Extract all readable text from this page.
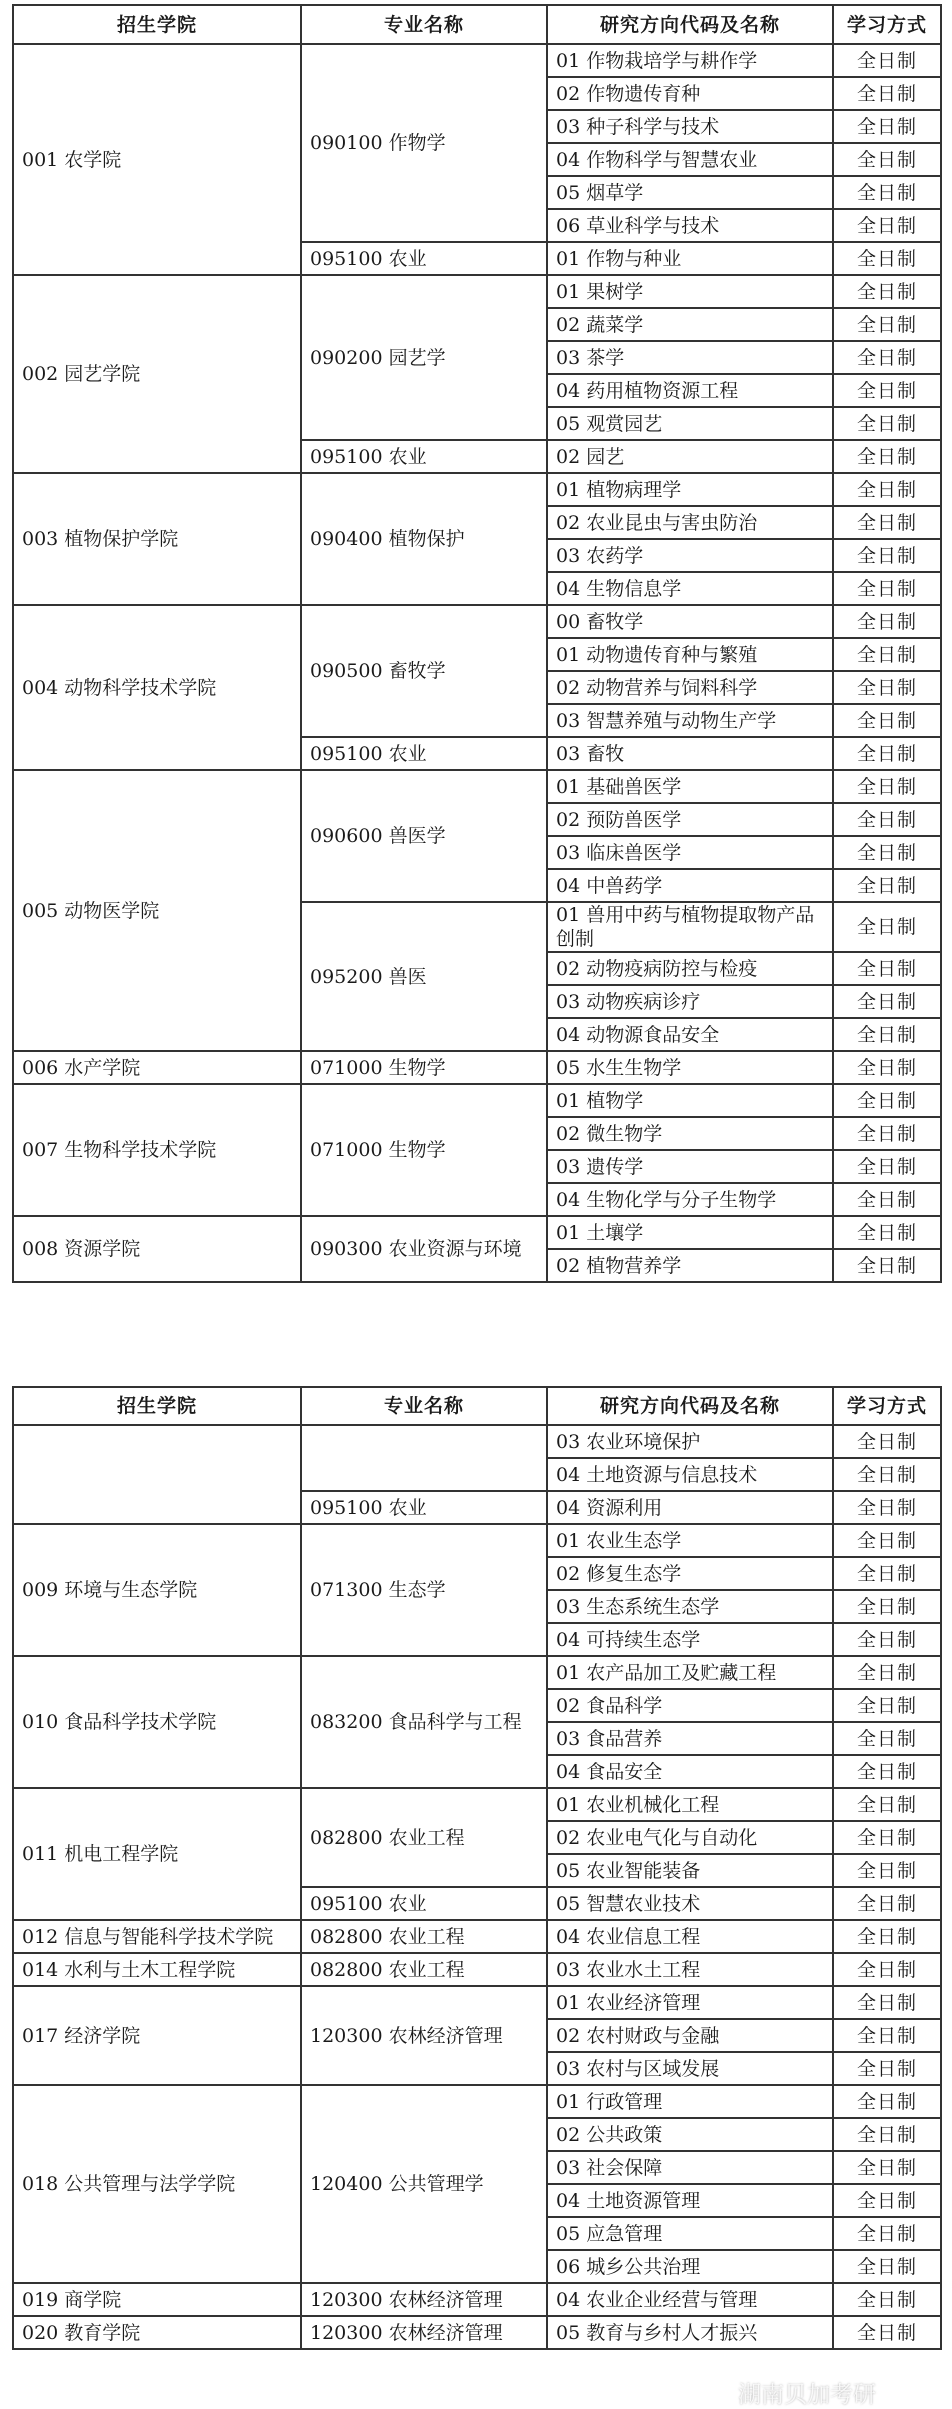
招生学院	专业名称	研究方向代码及名称	学习方式
001 农学院	090100 作物学	01 作物栽培学与耕作学	全日制
		02 作物遗传育种	全日制
		03 种子科学与技术	全日制
		04 作物科学与智慧农业	全日制
		05 烟草学	全日制
		06 草业科学与技术	全日制
	095100 农业	01 作物与种业	全日制
002 园艺学院	090200 园艺学	01 果树学	全日制
		02 蔬菜学	全日制
		03 茶学	全日制
		04 药用植物资源工程	全日制
		05 观赏园艺	全日制
	095100 农业	02 园艺	全日制
003 植物保护学院	090400 植物保护	01 植物病理学	全日制
		02 农业昆虫与害虫防治	全日制
		03 农药学	全日制
		04 生物信息学	全日制
004 动物科学技术学院	090500 畜牧学	00 畜牧学	全日制
		01 动物遗传育种与繁殖	全日制
		02 动物营养与饲料科学	全日制
		03 智慧养殖与动物生产学	全日制
	095100 农业	03 畜牧	全日制
005 动物医学院	090600 兽医学	01 基础兽医学	全日制
		02 预防兽医学	全日制
		03 临床兽医学	全日制
		04 中兽药学	全日制
	095200 兽医	01 兽用中药与植物提取物产品创制	全日制
		02 动物疫病防控与检疫	全日制
		03 动物疾病诊疗	全日制
		04 动物源食品安全	全日制
006 水产学院	071000 生物学	05 水生生物学	全日制
007 生物科学技术学院	071000 生物学	01 植物学	全日制
		02 微生物学	全日制
		03 遗传学	全日制
		04 生物化学与分子生物学	全日制
008 资源学院	090300 农业资源与环境	01 土壤学	全日制
		02 植物营养学	全日制
招生学院	专业名称	研究方向代码及名称	学习方式
		03 农业环境保护	全日制
		04 土地资源与信息技术	全日制
	095100 农业	04 资源利用	全日制
009 环境与生态学院	071300 生态学	01 农业生态学	全日制
		02 修复生态学	全日制
		03 生态系统生态学	全日制
		04 可持续生态学	全日制
010 食品科学技术学院	083200 食品科学与工程	01 农产品加工及贮藏工程	全日制
		02 食品科学	全日制
		03 食品营养	全日制
		04 食品安全	全日制
011 机电工程学院	082800 农业工程	01 农业机械化工程	全日制
		02 农业电气化与自动化	全日制
		05 农业智能装备	全日制
	095100 农业	05 智慧农业技术	全日制
012 信息与智能科学技术学院	082800 农业工程	04 农业信息工程	全日制
014 水利与土木工程学院	082800 农业工程	03 农业水土工程	全日制
017 经济学院	120300 农林经济管理	01 农业经济管理	全日制
		02 农村财政与金融	全日制
		03 农村与区域发展	全日制
018 公共管理与法学学院	120400 公共管理学	01 行政管理	全日制
		02 公共政策	全日制
		03 社会保障	全日制
		04 土地资源管理	全日制
		05 应急管理	全日制
		06 城乡公共治理	全日制
019 商学院	120300 农林经济管理	04 农业企业经营与管理	全日制
020 教育学院	120300 农林经济管理	05 教育与乡村人才振兴	全日制
湖南贝加考研
